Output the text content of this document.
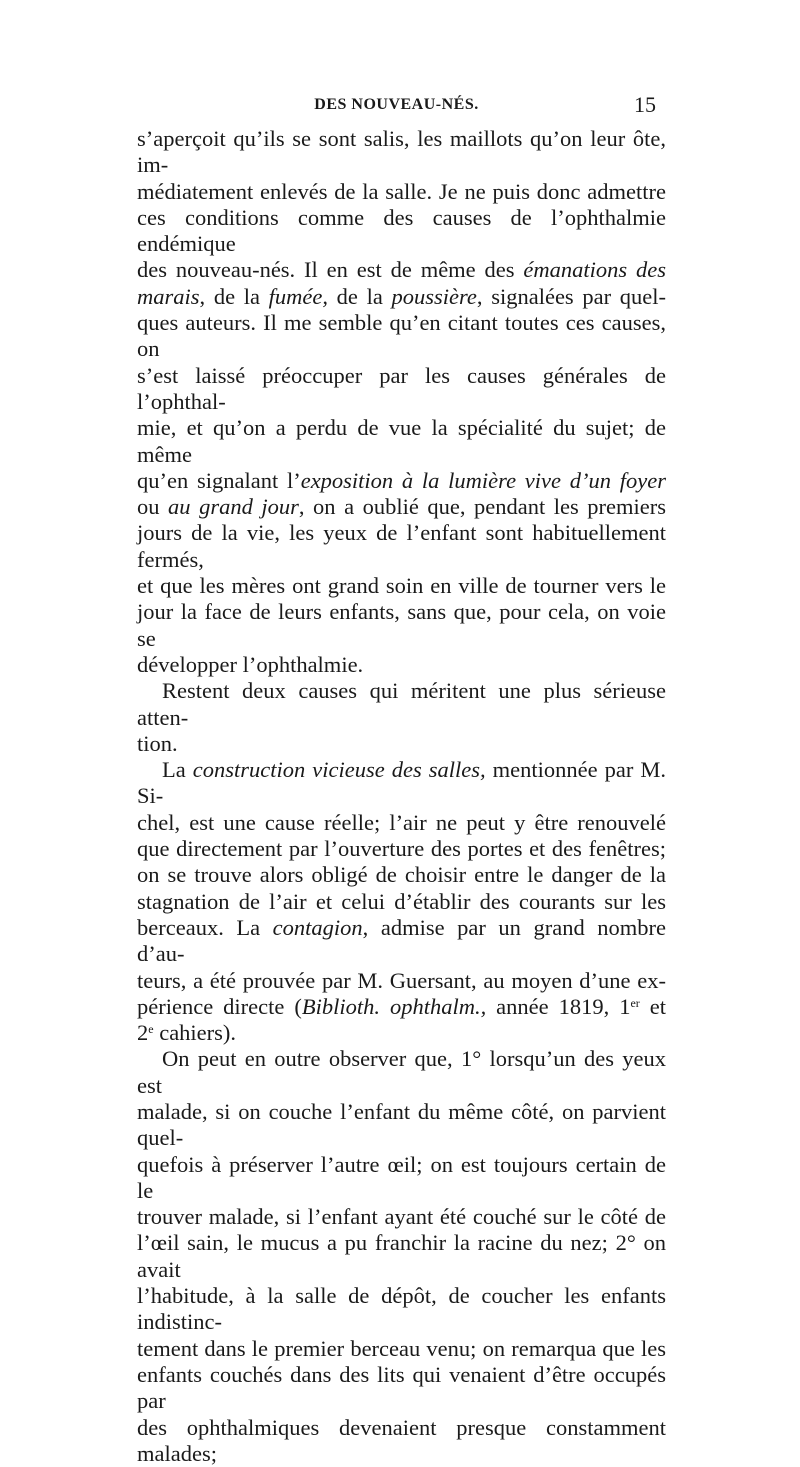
DES NOUVEAU-NÉS.	15

s’aperçoit qu’ils se sont salis, les maillots qu’on leur ôte, im-

médiatement enlevés de la salle. Je ne puis donc admettre

ces conditions comme des causes de l’ophthalmie endémique

des nouveau-nés. Il en est de même des émanations des

marais, de la fumée, de la poussière, signalées par quel-

ques auteurs. Il me semble qu’en citant toutes ces causes, on

s’est laissé préoccuper par les causes générales de l’ophthal-

mie, et qu’on a perdu de vue la spécialité du sujet; de même

qu’en signalant l’exposition à la lumière vive d’un foyer

ou au grand jour, on a oublié que, pendant les premiers

jours de la vie, les yeux de l’enfant sont habituellement fermés,

et que les mères ont grand soin en ville de tourner vers le

jour la face de leurs enfants, sans que, pour cela, on voie se

développer l’ophthalmie.

Restent deux causes qui méritent une plus sérieuse atten-

tion.

La construction vicieuse des salles, mentionnée par M. Si-

chel, est une cause réelle; l’air ne peut y être renouvelé

que directement par l’ouverture des portes et des fenêtres;

on se trouve alors obligé de choisir entre le danger de la

stagnation de l’air et celui d’établir des courants sur les

berceaux. La contagion, admise par un grand nombre d’au-

teurs, a été prouvée par M. Guersant, au moyen d’une ex-

périence directe (Biblioth. ophthalm., année 1819, 1er et

2e cahiers).

On peut en outre observer que, 1° lorsqu’un des yeux est

malade, si on couche l’enfant du même côté, on parvient quel-

quefois à préserver l’autre œil; on est toujours certain de le

trouver malade, si l’enfant ayant été couché sur le côté de

l’œil sain, le mucus a pu franchir la racine du nez; 2° on avait

l’habitude, à la salle de dépôt, de coucher les enfants indistinc-

tement dans le premier berceau venu; on remarqua que les

enfants couchés dans des lits qui venaient d’être occupés par

des ophthalmiques devenaient presque constamment malades;
